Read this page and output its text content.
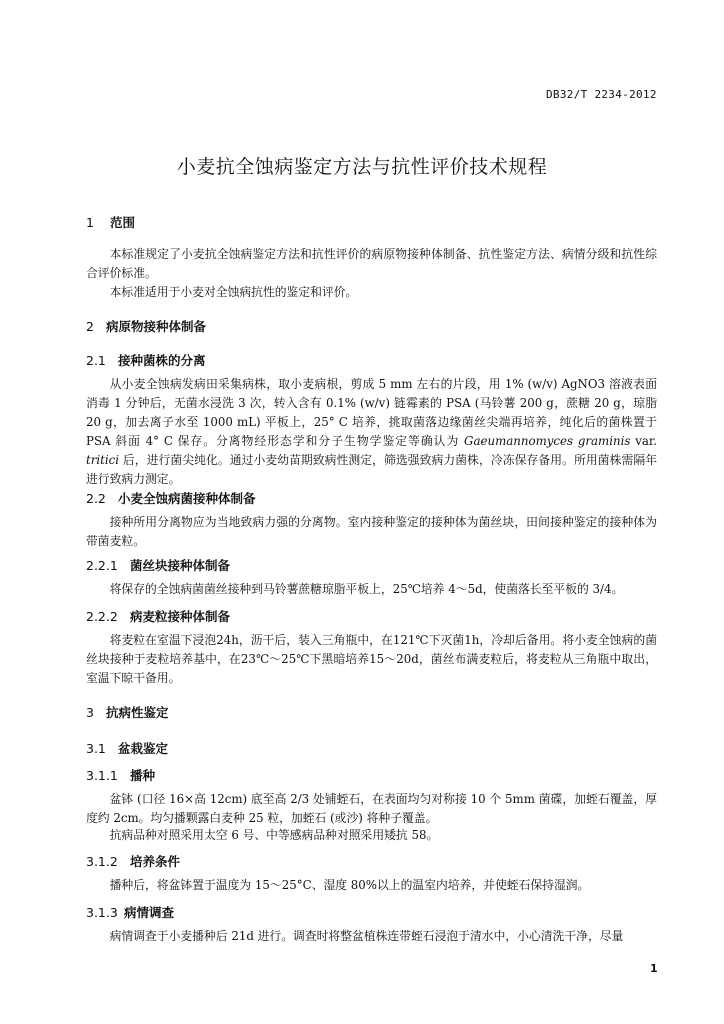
DB32/T 2234-2012
小麦抗全蚀病鉴定方法与抗性评价技术规程
1 范围

本标准规定了小麦抗全蚀病鉴定方法和抗性评价的病原物接种体制备、抗性鉴定方法、病情分级和抗性综合评价标准。

本标准适用于小麦对全蚀病抗性的鉴定和评价。

2 病原物接种体制备
2.1 接种菌株的分离

从小麦全蚀病发病田采集病株，取小麦病根，剪成 5 mm 左右的片段，用 1% (w/v) AgNO3 溶液表面消毒 1 分钟后，无菌水浸洗 3 次，转入含有 0.1% (w/v) 链霉素的 PSA (马铃薯 200 g，蔗糖 20 g，琼脂 20 g，加去离子水至 1000 mL) 平板上，25° C 培养，挑取菌落边缘菌丝尖端再培养，纯化后的菌株置于 PSA 斜面 4° C 保存。分离物经形态学和分子生物学鉴定等确认为 Gaeumannomyces graminis var. tritici 后，进行菌尖纯化。通过小麦幼苗期致病性测定，筛选强致病力菌株，冷冻保存备用。所用菌株需隔年进行致病力测定。

2.2 小麦全蚀病菌接种体制备

接种所用分离物应为当地致病力强的分离物。室内接种鉴定的接种体为菌丝块，田间接种鉴定的接种体为带菌麦粒。

2.2.1 菌丝块接种体制备

将保存的全蚀病菌菌丝接种到马铃薯蔗糖琼脂平板上，25℃培养 4～5d，使菌落长至平板的 3/4。

2.2.2 病麦粒接种体制备

将麦粒在室温下浸泡24h，沥干后，装入三角瓶中，在121℃下灭菌1h，冷却后备用。将小麦全蚀病的菌丝块接种于麦粒培养基中，在23℃～25℃下黑暗培养15～20d，菌丝布满麦粒后，将麦粒从三角瓶中取出，室温下晾干备用。

3 抗病性鉴定
3.1 盆栽鉴定
3.1.1 播种

盆钵 (口径 16×高 12cm) 底至高 2/3 处铺蛭石，在表面均匀对称接 10 个 5mm 菌碟，加蛭石覆盖，厚度约 2cm。均匀播颗露白麦种 25 粒，加蛭石 (或沙) 将种子覆盖。

抗病品种对照采用太空 6 号、中等感病品种对照采用矮抗 58。

3.1.2 培养条件

播种后，将盆钵置于温度为 15～25°C、湿度 80%以上的温室内培养，并使蛭石保持湿润。

3.1.3 病情调查

病情调查于小麦播种后 21d 进行。调查时将整盆植株连带蛭石浸泡于清水中，小心清洗干净，尽量

1
